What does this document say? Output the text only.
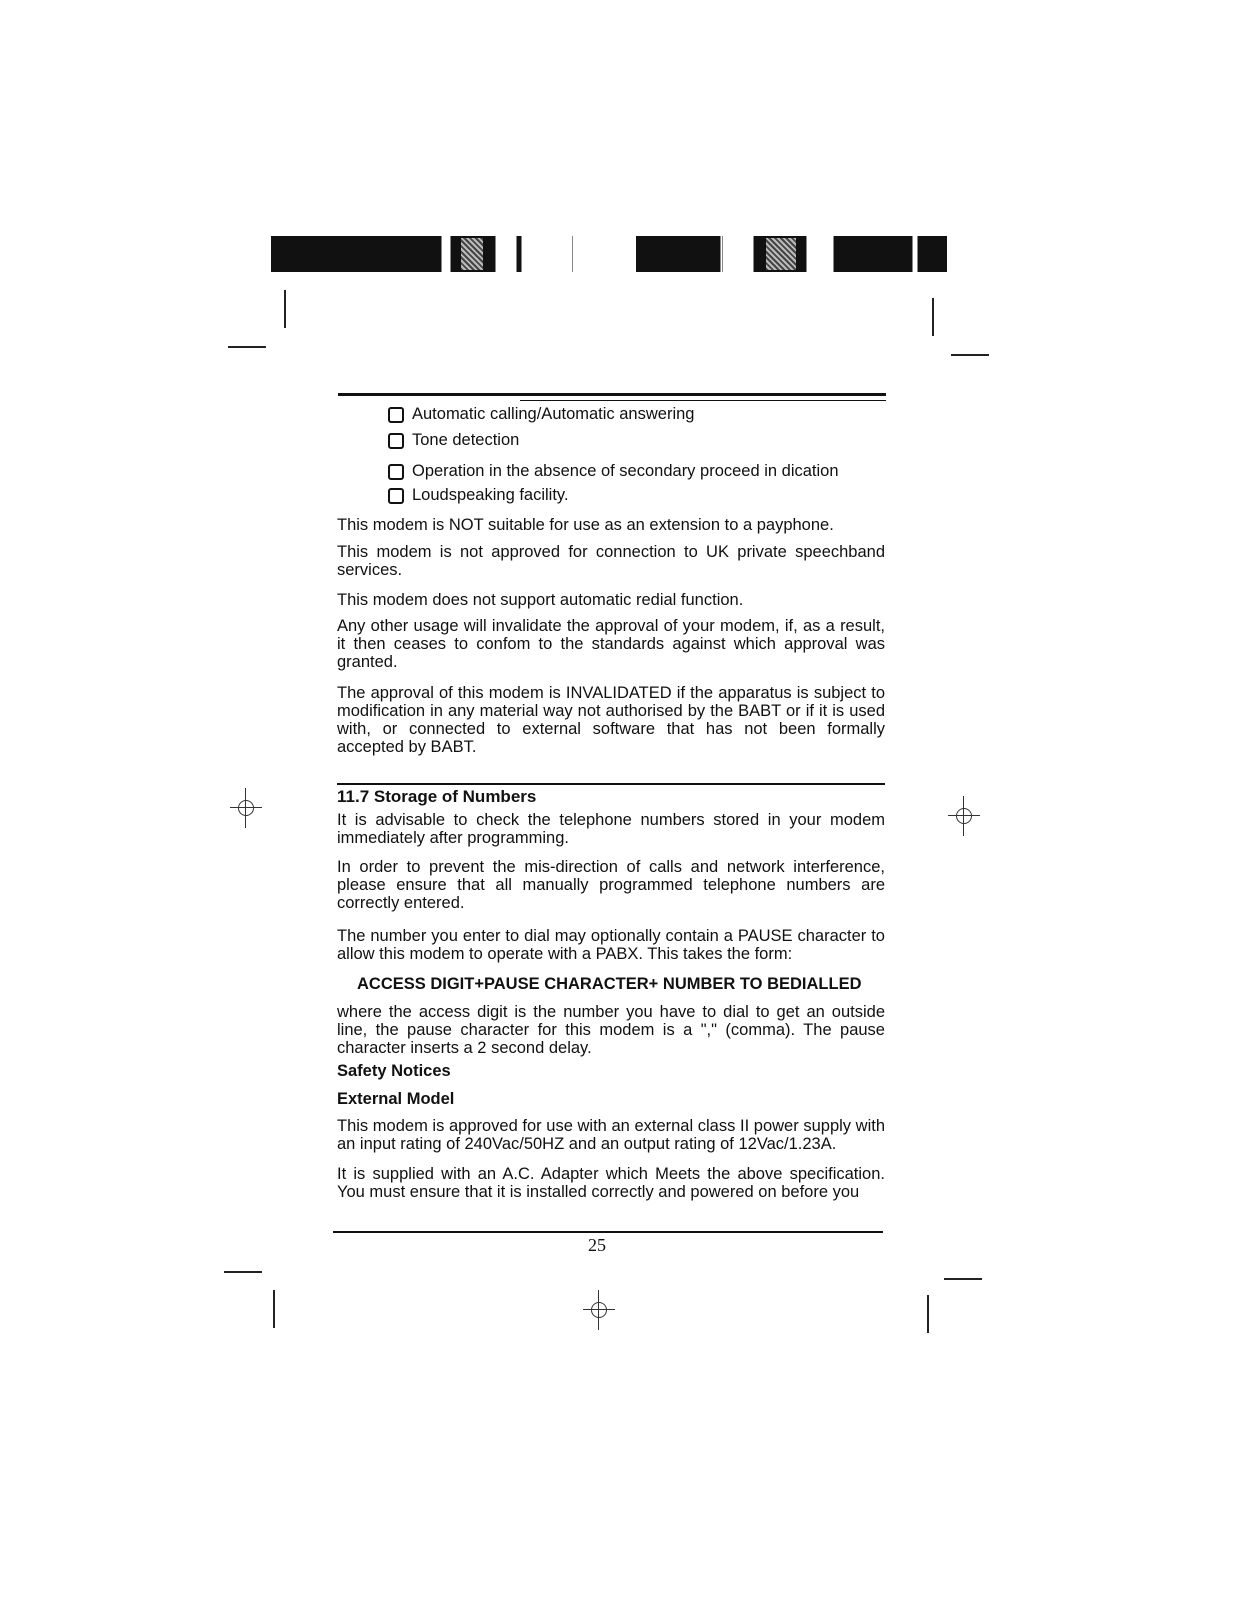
Automatic calling/Automatic answering
Tone detection
Operation in the absence of secondary proceed in dication
Loudspeaking facility.
This modem is NOT suitable for use as an extension to a payphone.
This modem is not approved for connection to UK private speechband services.
This modem does not support automatic redial function.
Any other usage will invalidate the approval of your modem, if, as a result, it then ceases to confom to the standards against which approval was granted.
The approval of this modem is INVALIDATED if the apparatus is subject to modification in any material way not authorised by the BABT or if it is used with, or connected to external software that has not been formally accepted by BABT.
11.7 Storage of Numbers
It is advisable to check the telephone numbers stored in your modem immediately after programming.
In order to prevent the mis-direction of calls and network interference, please ensure that all manually programmed telephone numbers are correctly entered.
The number you enter to dial may optionally contain a PAUSE character to allow this modem to operate with a PABX. This takes the form:
ACCESS DIGIT+PAUSE CHARACTER+ NUMBER TO BEDIALLED
where the access digit is the number you have to dial to get an outside line, the pause character for this modem is a "," (comma). The pause character inserts a 2 second delay.
Safety Notices
External Model
This modem is approved for use with an external class II power supply with an input rating of 240Vac/50HZ and an output rating of 12Vac/1.23A.
It is supplied with an A.C. Adapter which Meets the above specification. You must ensure that it is installed correctly and powered on before you
25
